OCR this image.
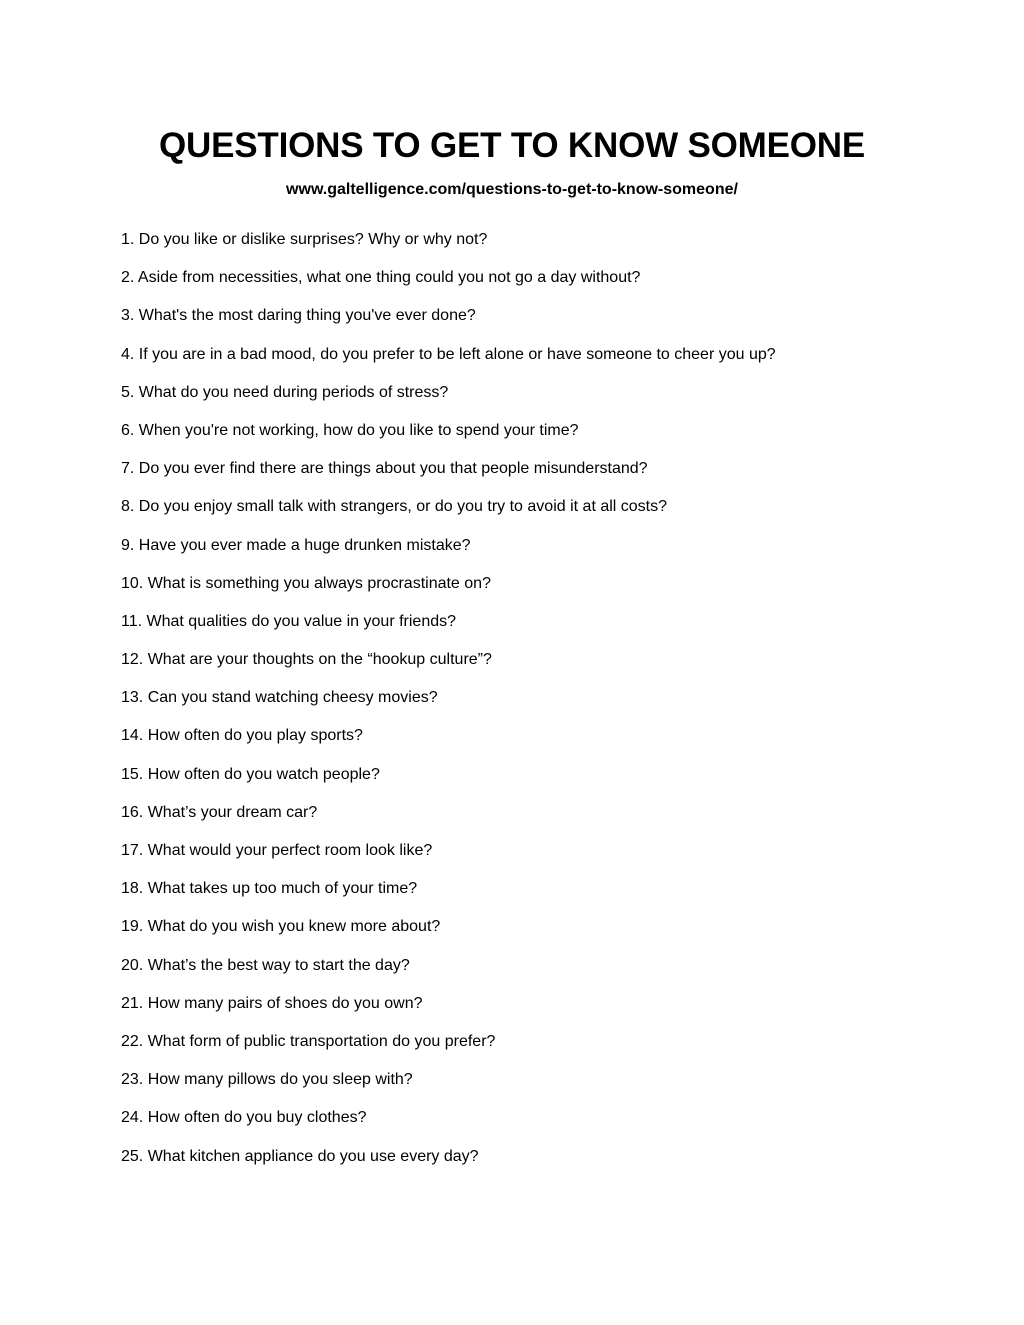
QUESTIONS TO GET TO KNOW SOMEONE
www.galtelligence.com/questions-to-get-to-know-someone/
1. Do you like or dislike surprises? Why or why not?
2. Aside from necessities, what one thing could you not go a day without?
3. What's the most daring thing you've ever done?
4. If you are in a bad mood, do you prefer to be left alone or have someone to cheer you up?
5. What do you need during periods of stress?
6. When you're not working, how do you like to spend your time?
7. Do you ever find there are things about you that people misunderstand?
8. Do you enjoy small talk with strangers, or do you try to avoid it at all costs?
9. Have you ever made a huge drunken mistake?
10. What is something you always procrastinate on?
11. What qualities do you value in your friends?
12. What are your thoughts on the “hookup culture”?
13. Can you stand watching cheesy movies?
14. How often do you play sports?
15. How often do you watch people?
16. What’s your dream car?
17. What would your perfect room look like?
18. What takes up too much of your time?
19. What do you wish you knew more about?
20. What’s the best way to start the day?
21. How many pairs of shoes do you own?
22. What form of public transportation do you prefer?
23. How many pillows do you sleep with?
24. How often do you buy clothes?
25. What kitchen appliance do you use every day?
